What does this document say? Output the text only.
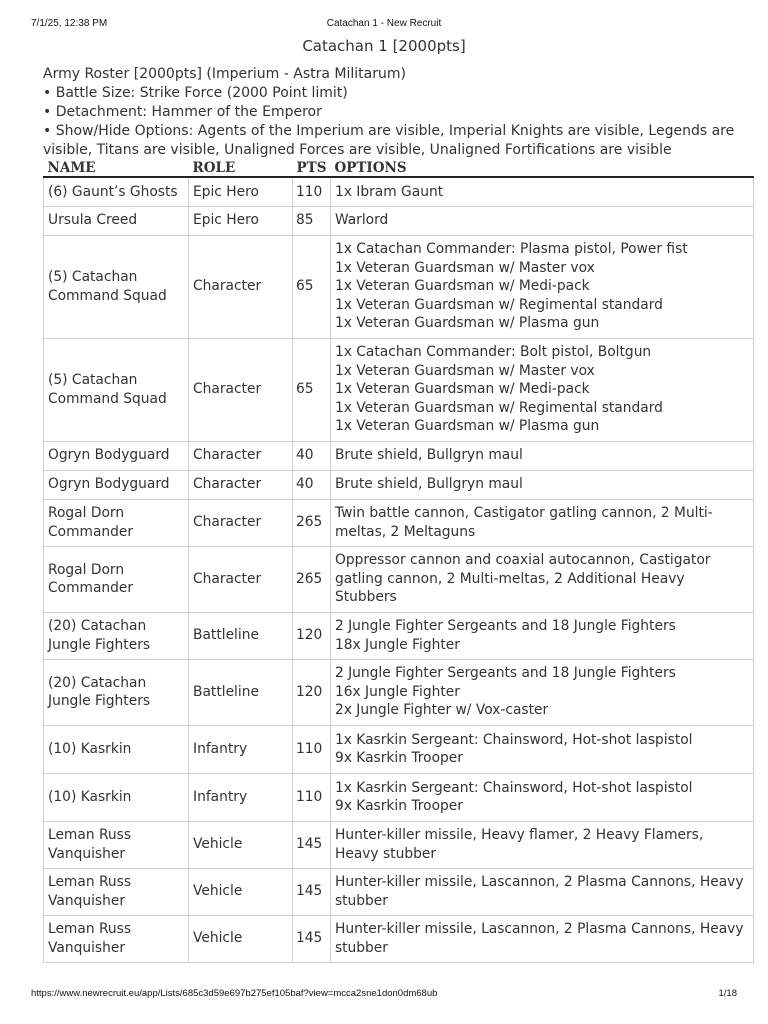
7/1/25, 12:38 PM	Catachan 1 - New Recruit
Catachan 1 [2000pts]

Army Roster [2000pts] (Imperium - Astra Militarum)

• Battle Size: Strike Force (2000 Point limit)

• Detachment: Hammer of the Emperor

• Show/Hide Options: Agents of the Imperium are visible, Imperial Knights are visible, Legends are visible, Titans are visible, Unaligned Forces are visible, Unaligned Fortifications are visible

NAME	ROLE	PTS	OPTIONS
(6) Gaunt’s Ghosts	Epic Hero	110	1x Ibram Gaunt

Ursula Creed	Epic Hero	85	Warlord

(5) Catachan Command Squad	Character	65	1x Catachan Commander: Plasma pistol, Power fist
1x Veteran Guardsman w/ Master vox
1x Veteran Guardsman w/ Medi-pack
1x Veteran Guardsman w/ Regimental standard
1x Veteran Guardsman w/ Plasma gun

(5) Catachan Command Squad	Character	65	1x Catachan Commander: Bolt pistol, Boltgun
1x Veteran Guardsman w/ Master vox
1x Veteran Guardsman w/ Medi-pack
1x Veteran Guardsman w/ Regimental standard
1x Veteran Guardsman w/ Plasma gun

Ogryn Bodyguard	Character	40	Brute shield, Bullgryn maul

Ogryn Bodyguard	Character	40	Brute shield, Bullgryn maul

Rogal Dorn Commander	Character	265	Twin battle cannon, Castigator gatling cannon, 2 Multi-meltas, 2 Meltaguns

Rogal Dorn Commander	Character	265	Oppressor cannon and coaxial autocannon, Castigator gatling cannon, 2 Multi-meltas, 2 Additional Heavy Stubbers

(20) Catachan Jungle Fighters	Battleline	120	2 Jungle Fighter Sergeants and 18 Jungle Fighters
18x Jungle Fighter

(20) Catachan Jungle Fighters	Battleline	120	2 Jungle Fighter Sergeants and 18 Jungle Fighters
16x Jungle Fighter
2x Jungle Fighter w/ Vox-caster

(10) Kasrkin	Infantry	110	1x Kasrkin Sergeant: Chainsword, Hot-shot laspistol
9x Kasrkin Trooper

(10) Kasrkin	Infantry	110	1x Kasrkin Sergeant: Chainsword, Hot-shot laspistol
9x Kasrkin Trooper

Leman Russ Vanquisher	Vehicle	145	Hunter-killer missile, Heavy flamer, 2 Heavy Flamers, Heavy stubber

Leman Russ Vanquisher	Vehicle	145	Hunter-killer missile, Lascannon, 2 Plasma Cannons, Heavy stubber

Leman Russ Vanquisher	Vehicle	145	Hunter-killer missile, Lascannon, 2 Plasma Cannons, Heavy stubber
https://www.newrecruit.eu/app/Lists/685c3d59e697b275ef105baf?view=mcca2sne1don0dm68ub	1/18
